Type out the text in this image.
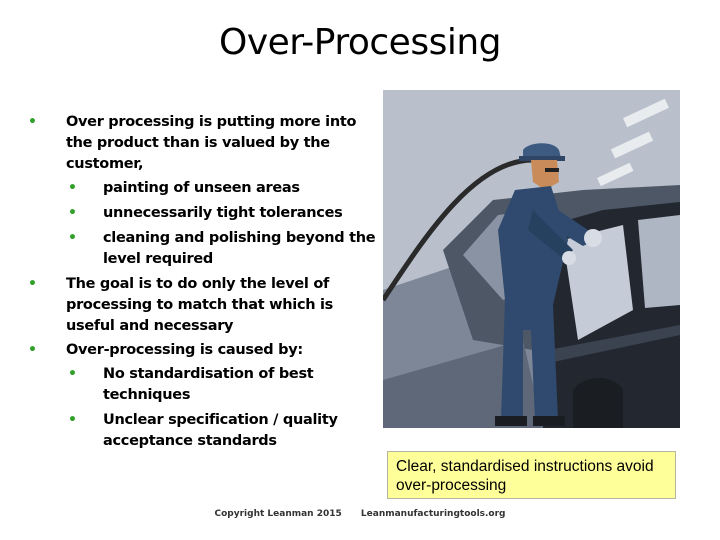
Over-Processing
• Over processing is putting more into the product than is valued by the customer,
• painting of unseen areas
• unnecessarily tight tolerances
• cleaning and polishing beyond the level required
• The goal is to do only the level of processing to match that which is useful and necessary
• Over-processing is caused by:
• No standardisation of best techniques
• Unclear specification / quality acceptance standards
Clear, standardised instructions avoid over-processing
Copyright Leanman 2015 Leanmanufacturingtools.org
